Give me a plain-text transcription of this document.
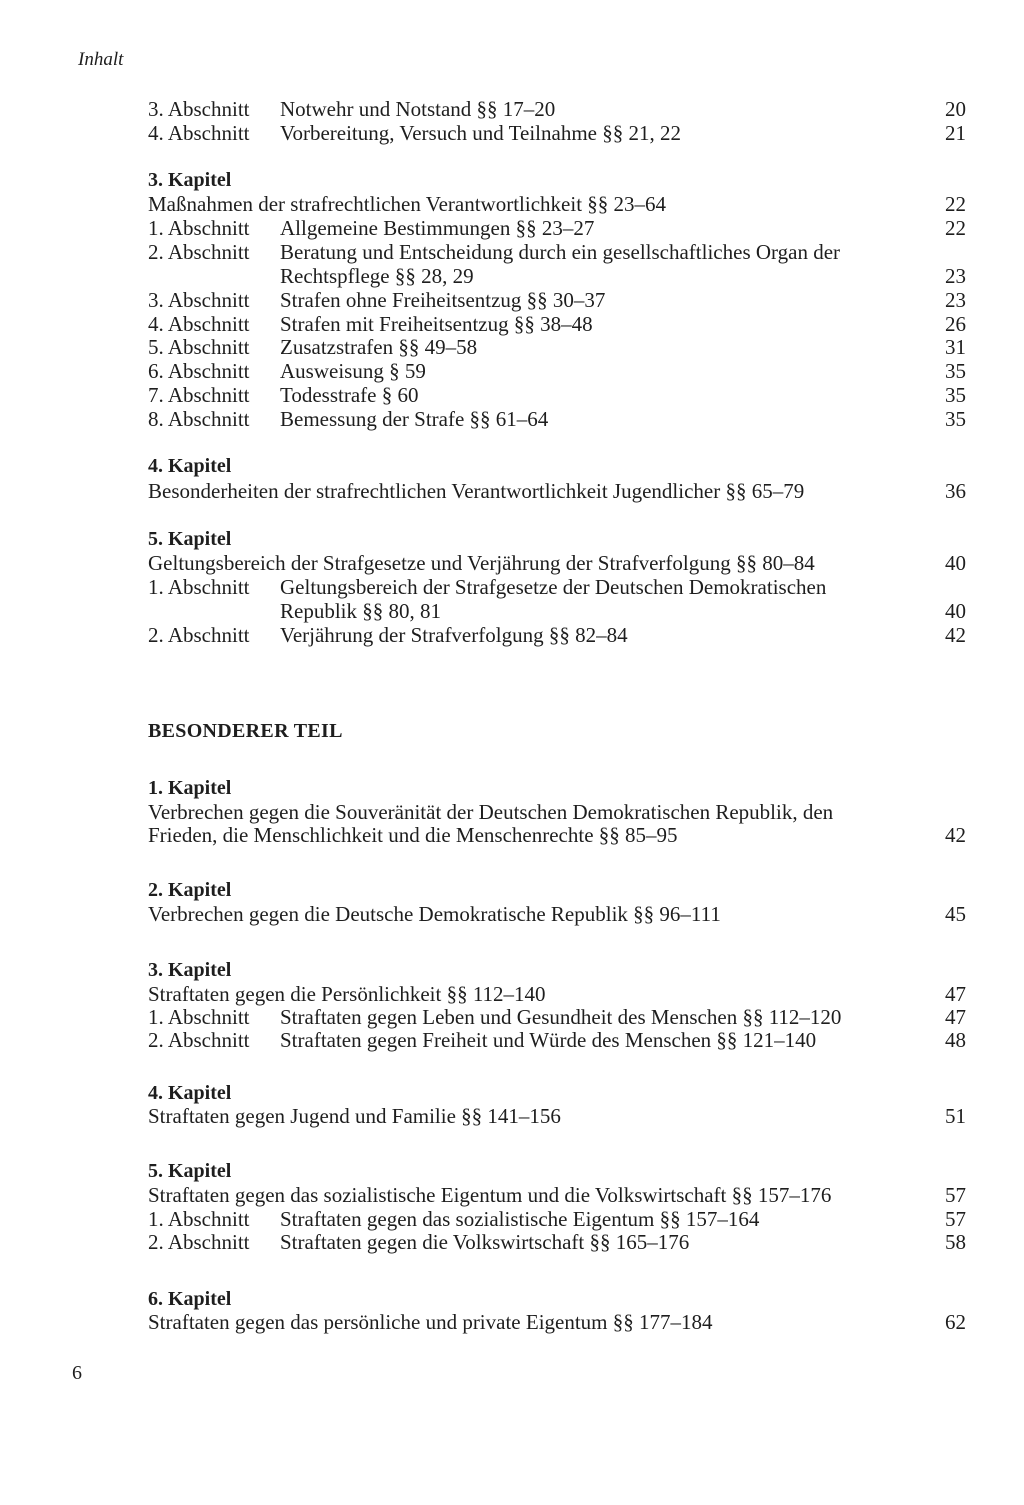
Inhalt
3. Abschnitt Notwehr und Notstand §§ 17–20	20
4. Abschnitt Vorbereitung, Versuch und Teilnahme §§ 21, 22	21
3. Kapitel
Maßnahmen der strafrechtlichen Verantwortlichkeit §§ 23–64	22
1. Abschnitt Allgemeine Bestimmungen §§ 23–27	22
2. Abschnitt Beratung und Entscheidung durch ein gesellschaftliches Organ der
Rechtspflege §§ 28, 29	23
3. Abschnitt Strafen ohne Freiheitsentzug §§ 30–37	23
4. Abschnitt Strafen mit Freiheitsentzug §§ 38–48	26
5. Abschnitt Zusatzstrafen §§ 49–58	31
6. Abschnitt Ausweisung § 59	35
7. Abschnitt Todesstrafe § 60	35
8. Abschnitt Bemessung der Strafe §§ 61–64	35
4. Kapitel
Besonderheiten der strafrechtlichen Verantwortlichkeit Jugendlicher §§ 65–79	36
5. Kapitel
Geltungsbereich der Strafgesetze und Verjährung der Strafverfolgung §§ 80–84	40
1. Abschnitt Geltungsbereich der Strafgesetze der Deutschen Demokratischen
Republik §§ 80, 81	40
2. Abschnitt Verjährung der Strafverfolgung §§ 82–84	42
BESONDERER TEIL
1. Kapitel
Verbrechen gegen die Souveränität der Deutschen Demokratischen Republik, den
Frieden, die Menschlichkeit und die Menschenrechte §§ 85–95	42
2. Kapitel
Verbrechen gegen die Deutsche Demokratische Republik §§ 96–111	45
3. Kapitel
Straftaten gegen die Persönlichkeit §§ 112–140	47
1. Abschnitt Straftaten gegen Leben und Gesundheit des Menschen §§ 112–120	47
2. Abschnitt Straftaten gegen Freiheit und Würde des Menschen §§ 121–140	48
4. Kapitel
Straftaten gegen Jugend und Familie §§ 141–156	51
5. Kapitel
Straftaten gegen das sozialistische Eigentum und die Volkswirtschaft §§ 157–176	57
1. Abschnitt Straftaten gegen das sozialistische Eigentum §§ 157–164	57
2. Abschnitt Straftaten gegen die Volkswirtschaft §§ 165–176	58
6. Kapitel
Straftaten gegen das persönliche und private Eigentum §§ 177–184	62
6
